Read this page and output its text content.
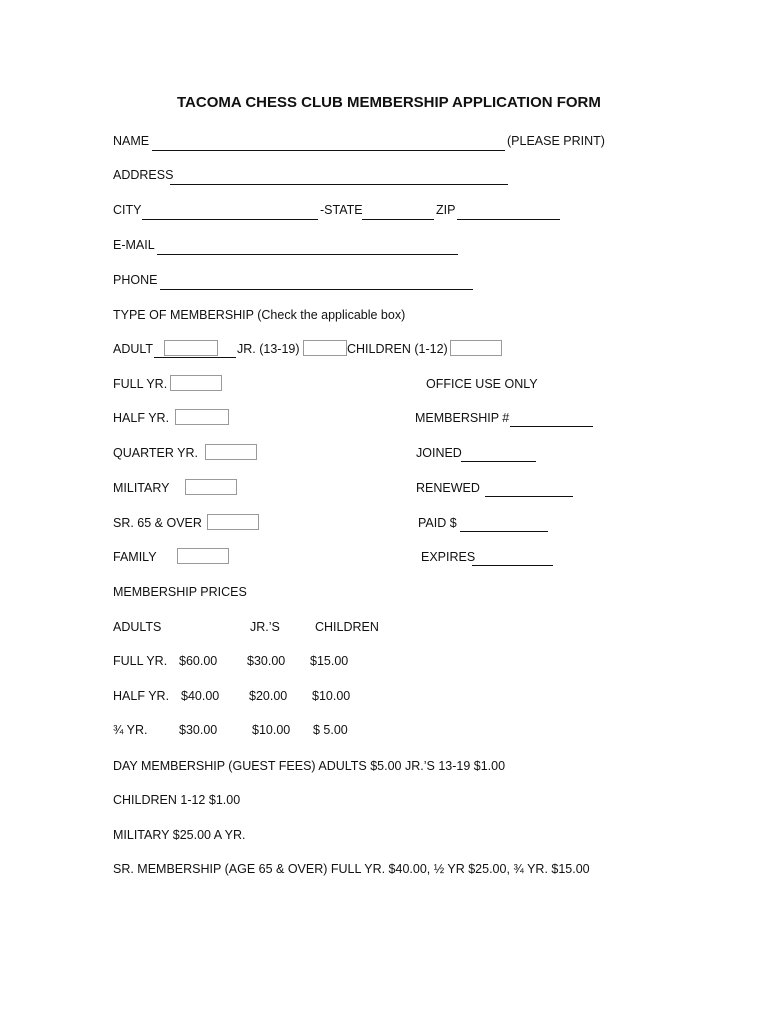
TACOMA CHESS CLUB MEMBERSHIP APPLICATION FORM
NAME	(PLEASE PRINT)
ADDRESS
CITY	-STATE	ZIP
E-MAIL
PHONE
TYPE OF MEMBERSHIP (Check the applicable box)
ADULT	JR. (13-19)	CHILDREN (1-12)
FULL YR.
HALF YR.
QUARTER YR.
MILITARY
SR. 65 & OVER
FAMILY
OFFICE USE ONLY
MEMBERSHIP #
JOINED
RENEWED
PAID $
EXPIRES
MEMBERSHIP PRICES
ADULTS	JR.’S	CHILDREN
FULL YR. $60.00 $30.00 $15.00
HALF YR. $40.00 $20.00 $10.00
¾ YR.	$30.00	$10.00 $ 5.00
DAY MEMBERSHIP (GUEST FEES) ADULTS $5.00 JR.’S 13-19 $1.00
CHILDREN 1-12 $1.00
MILITARY $25.00 A YR.
SR. MEMBERSHIP (AGE 65 & OVER) FULL YR. $40.00, ½ YR $25.00, ¾ YR. $15.00
